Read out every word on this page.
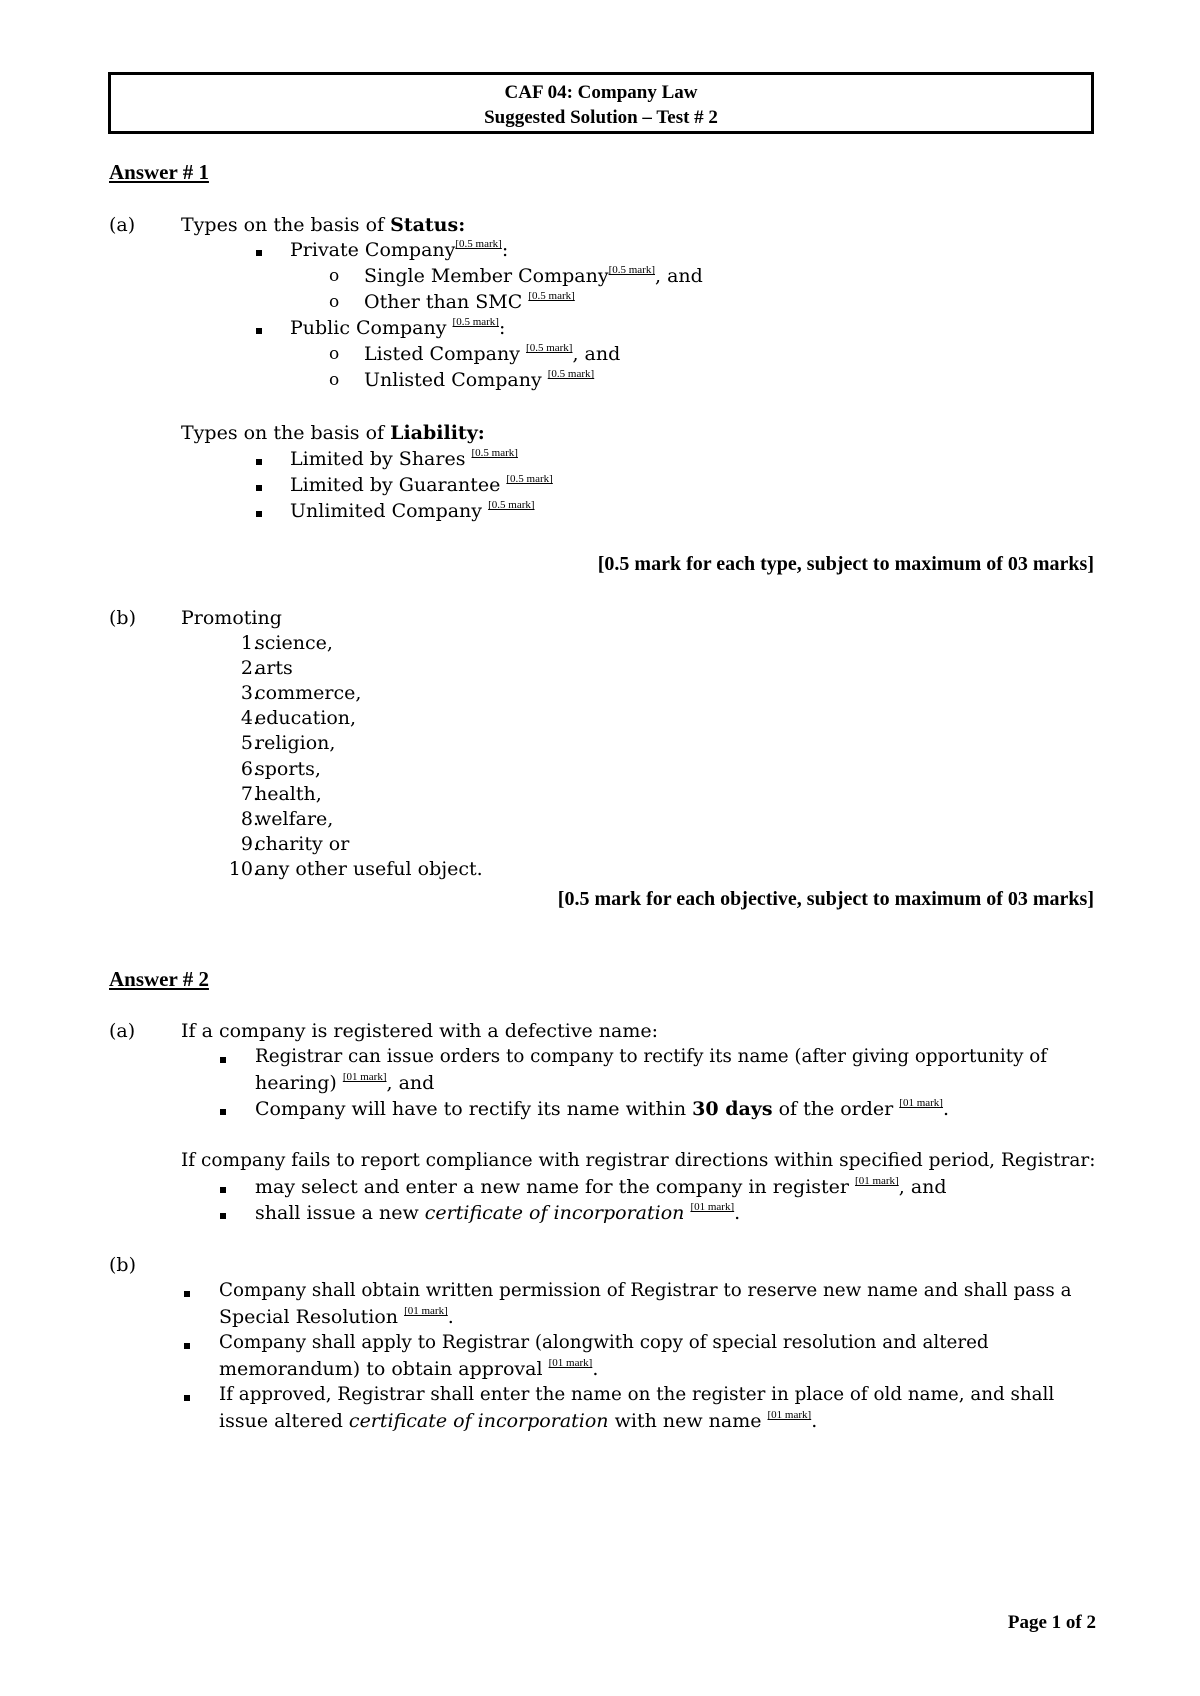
CAF 04: Company Law
Suggested Solution – Test # 2
Answer # 1
(a) Types on the basis of Status:
Private Company[0.5 mark]:
o Single Member Company[0.5 mark], and
o Other than SMC [0.5 mark]
Public Company [0.5 mark]:
o Listed Company [0.5 mark], and
o Unlisted Company [0.5 mark]
Types on the basis of Liability:
Limited by Shares [0.5 mark]
Limited by Guarantee [0.5 mark]
Unlimited Company [0.5 mark]
[0.5 mark for each type, subject to maximum of 03 marks]
(b) Promoting
1.
science,
2.
arts
3.
commerce,
4.
education,
5.
religion,
6.
sports,
7.
health,
8.
welfare,
9.
charity or
10.
any other useful object.
[0.5 mark for each objective, subject to maximum of 03 marks]
Answer # 2
(a) If a company is registered with a defective name:
Registrar can issue orders to company to rectify its name (after giving opportunity of
hearing) [01 mark], and
Company will have to rectify its name within 30 days of the order [01 mark].
If company fails to report compliance with registrar directions within specified period, Registrar:
may select and enter a new name for the company in register [01 mark], and
shall issue a new certificate of incorporation [01 mark].
(b)
Company shall obtain written permission of Registrar to reserve new name and shall pass a
Special Resolution [01 mark].
Company shall apply to Registrar (alongwith copy of special resolution and altered
memorandum) to obtain approval [01 mark].
If approved, Registrar shall enter the name on the register in place of old name, and shall
issue altered certificate of incorporation with new name [01 mark].
Page 1 of 2
